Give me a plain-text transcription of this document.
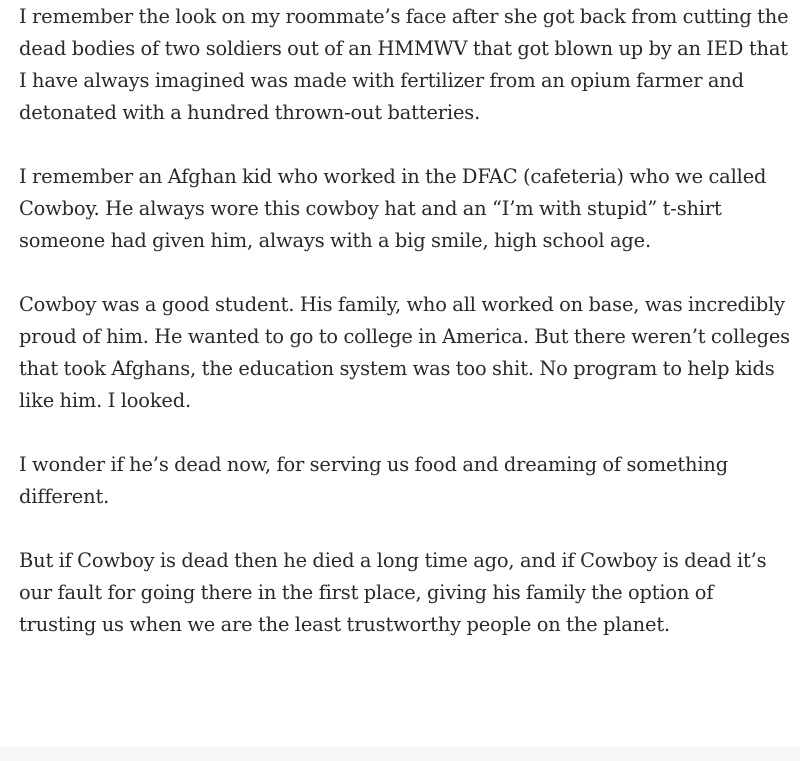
I remember the look on my roommate’s face after she got back from cutting the dead bodies of two soldiers out of an HMMWV that got blown up by an IED that I have always imagined was made with fertilizer from an opium farmer and detonated with a hundred thrown-out batteries.

I remember an Afghan kid who worked in the DFAC (cafeteria) who we called Cowboy. He always wore this cowboy hat and an “I’m with stupid” t-shirt someone had given him, always with a big smile, high school age.

Cowboy was a good student. His family, who all worked on base, was incredibly proud of him. He wanted to go to college in America. But there weren’t colleges that took Afghans, the education system was too shit. No program to help kids like him. I looked.

I wonder if he’s dead now, for serving us food and dreaming of something different.

But if Cowboy is dead then he died a long time ago, and if Cowboy is dead it’s our fault for going there in the first place, giving his family the option of trusting us when we are the least trustworthy people on the planet.
